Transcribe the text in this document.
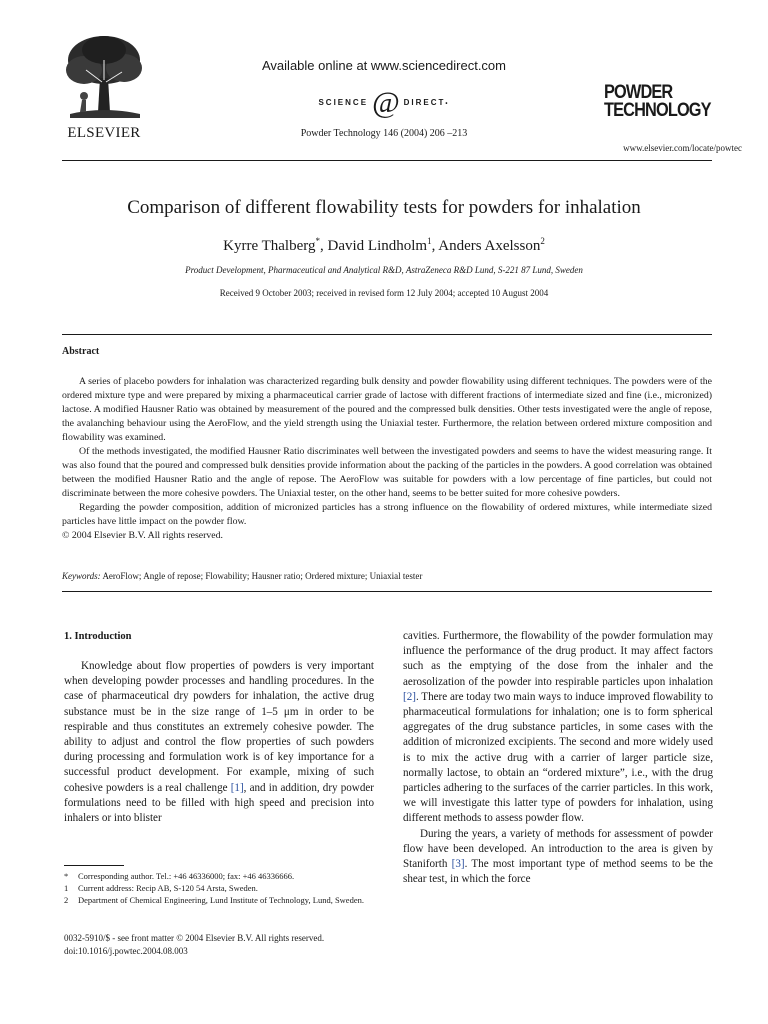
ELSEVIER
Available online at www.sciencedirect.com
SCIENCE @ DIRECT•
Powder Technology 146 (2004) 206 –213
POWDER
TECHNOLOGY
www.elsevier.com/locate/powtec
Comparison of different flowability tests for powders for inhalation
Kyrre Thalberg*, David Lindholm$^1$, Anders Axelsson$^2$
Product Development, Pharmaceutical and Analytical R&D, AstraZeneca R&D Lund, S-221 87 Lund, Sweden
Received 9 October 2003; received in revised form 12 July 2004; accepted 10 August 2004
Abstract

A series of placebo powders for inhalation was characterized regarding bulk density and powder flowability using different techniques. The powders were of the ordered mixture type and were prepared by mixing a pharmaceutical carrier grade of lactose with different fractions of intermediate sized and fine (i.e., micronized) lactose. A modified Hausner Ratio was obtained by measurement of the poured and the compressed bulk densities. Other tests investigated were the angle of repose, the avalanching behaviour using the AeroFlow, and the yield strength using the Uniaxial tester. Furthermore, the relation between ordered mixture composition and flowability was examined.

Of the methods investigated, the modified Hausner Ratio discriminates well between the investigated powders and seems to have the widest measuring range. It was also found that the poured and compressed bulk densities provide information about the packing of the particles in the powders. A good correlation was obtained between the modified Hausner Ratio and the angle of repose. The AeroFlow was suitable for powders with a low percentage of fine particles, but could not discriminate between the more cohesive powders. The Uniaxial tester, on the other hand, seems to be better suited for more cohesive powders.

Regarding the powder composition, addition of micronized particles has a strong influence on the flowability of ordered mixtures, while intermediate sized particles have little impact on the powder flow.

© 2004 Elsevier B.V. All rights reserved.

Keywords: AeroFlow; Angle of repose; Flowability; Hausner ratio; Ordered mixture; Uniaxial tester
1. Introduction

Knowledge about flow properties of powders is very important when developing powder processes and handling procedures. In the case of pharmaceutical dry powders for inhalation, the active drug substance must be in the size range of 1–5 μm in order to be respirable and thus constitutes an extremely cohesive powder. The ability to adjust and control the flow properties of such powders during processing and formulation work is of key importance for a successful product development. For example, mixing of such cohesive powders is a real challenge [1], and in addition, dry powder formulations need to be filled with high speed and precision into inhalers or into blister

* Corresponding author. Tel.: +46 46336000; fax: +46 46336666.

1 Current address: Recip AB, S-120 54 Arsta, Sweden.

2 Department of Chemical Engineering, Lund Institute of Technology, Lund, Sweden.

0032-5910/$ - see front matter © 2004 Elsevier B.V. All rights reserved.
doi:10.1016/j.powtec.2004.08.003

cavities. Furthermore, the flowability of the powder formulation may influence the performance of the drug product. It may affect factors such as the emptying of the dose from the inhaler and the aerosolization of the powder into respirable particles upon inhalation [2]. There are today two main ways to induce improved flowability to pharmaceutical formulations for inhalation; one is to form spherical aggregates of the drug substance particles, in some cases with the addition of micronized excipients. The second and more widely used is to mix the active drug with a carrier of larger particle size, normally lactose, to obtain an “ordered mixture”, i.e., with the drug particles adhering to the surfaces of the carrier particles. In this work, we will investigate this latter type of powders for inhalation, using different methods to assess powder flow.

During the years, a variety of methods for assessment of powder flow have been developed. An introduction to the area is given by Staniforth [3]. The most important type of method seems to be the shear test, in which the force
